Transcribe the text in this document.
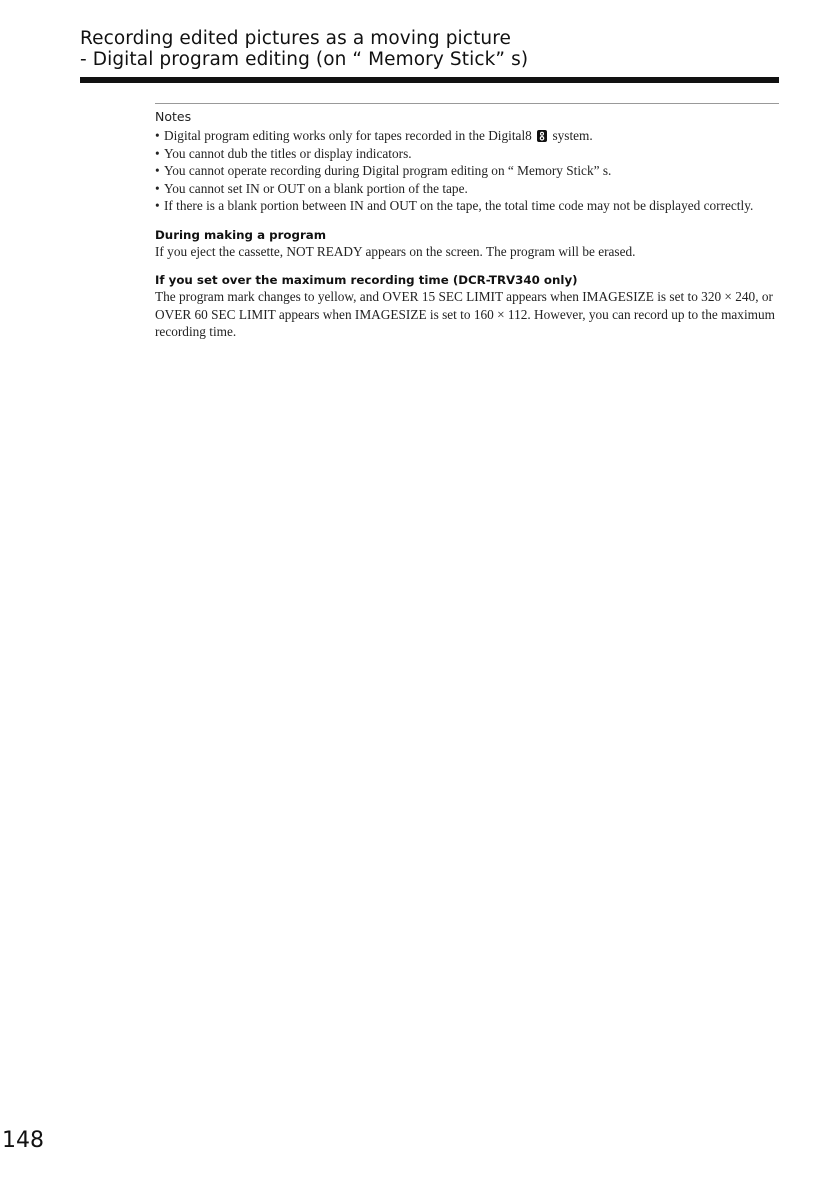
Recording edited pictures as a moving picture
- Digital program editing (on “ Memory Stick” s)
Notes
• Digital program editing works only for tapes recorded in the Digital8 system.
• You cannot dub the titles or display indicators.
• You cannot operate recording during Digital program editing on “ Memory Stick” s.
• You cannot set IN or OUT on a blank portion of the tape.
• If there is a blank portion between IN and OUT on the tape, the total time code may not be displayed correctly.
During making a program
If you eject the cassette, NOT READY appears on the screen. The program will be erased.
If you set over the maximum recording time (DCR-TRV340 only)
The program mark changes to yellow, and OVER 15 SEC LIMIT appears when IMAGESIZE is set to 320 × 240, or OVER 60 SEC LIMIT appears when IMAGESIZE is set to 160 × 112. However, you can record up to the maximum recording time.
148
